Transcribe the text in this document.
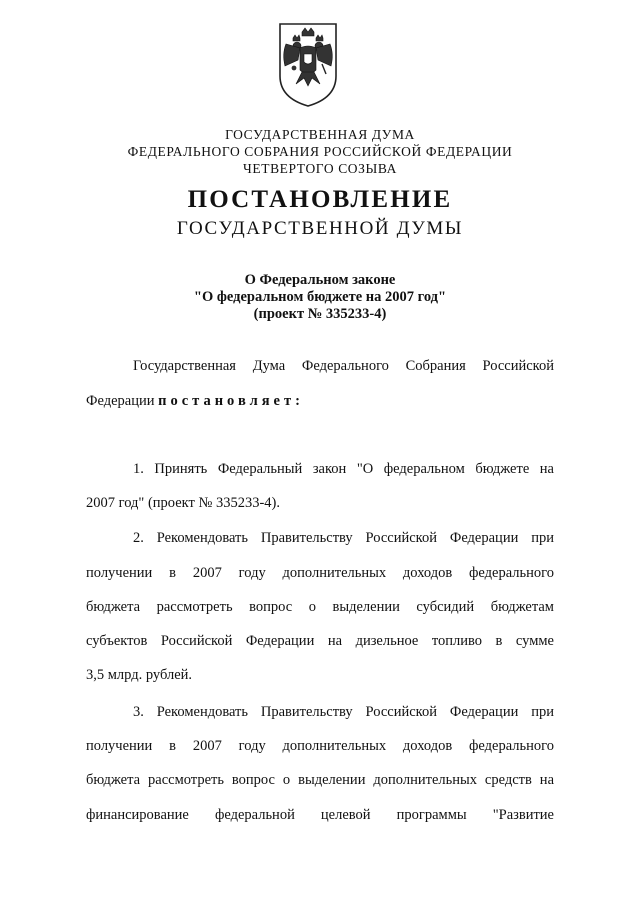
ГОСУДАРСТВЕННАЯ ДУМА
ФЕДЕРАЛЬНОГО СОБРАНИЯ РОССИЙСКОЙ ФЕДЕРАЦИИ
ЧЕТВЕРТОГО СОЗЫВА
ПОСТАНОВЛЕНИЕ
ГОСУДАРСТВЕННОЙ ДУМЫ
О Федеральном законе
"О федеральном бюджете на 2007 год"
(проект № 335233-4)
Государственная Дума Федерального Собрания Российской
Федерации постановляет:
1. Принять Федеральный закон "О федеральном бюджете на
2007 год" (проект № 335233-4).
2. Рекомендовать Правительству Российской Федерации при
получении в 2007 году дополнительных доходов федерального
бюджета рассмотреть вопрос о выделении субсидий бюджетам
субъектов Российской Федерации на дизельное топливо в сумме
3,5 млрд. рублей.
3. Рекомендовать Правительству Российской Федерации при
получении в 2007 году дополнительных доходов федерального
бюджета рассмотреть вопрос о выделении дополнительных средств на
финансирование федеральной целевой программы "Развитие
